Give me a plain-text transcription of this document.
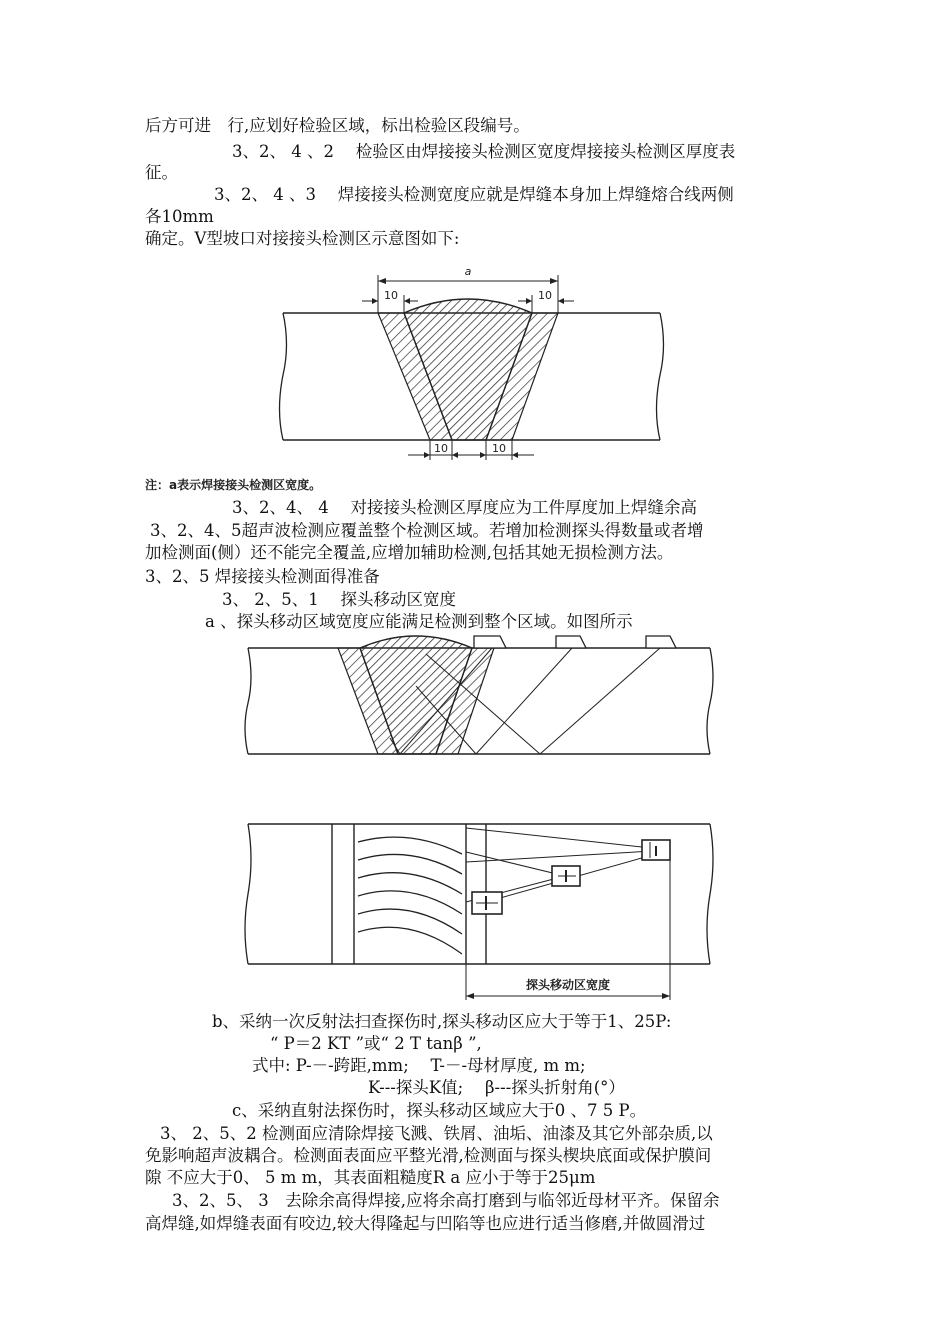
后方可进　行,应划好检验区域，标出检验区段编号。
3、2、 4 、2　 检验区由焊接接头检测区宽度焊接接头检测区厚度表
征。
3、2、 4 、3　 焊接接头检测宽度应就是焊缝本身加上焊缝熔合线两侧
各10mm
确定。V型坡口对接接头检测区示意图如下:
a
10	10
10	10
注：a表示焊接接头检测区宽度。
3、2、4、 4　 对接接头检测区厚度应为工件厚度加上焊缝余高
3、2、4、5超声波检测应覆盖整个检测区域。若增加检测探头得数量或者增
加检测面(侧）还不能完全覆盖,应增加辅助检测,包括其她无损检测方法。
3、2、5 焊接接头检测面得准备
3、 2、5、1　 探头移动区宽度
a 、探头移动区域宽度应能满足检测到整个区域。如图所示
探头移动区宽度
b、采纳一次反射法扫查探伤时,探头移动区应大于等于1、25P:
“ P＝2 KT ”或“ 2 T tanβ ”,
式中: P-－-跨距,mm;　 T-－-母材厚度, m m;
K---探头K值;　 β---探头折射角(°）
c、采纳直射法探伤时，探头移动区域应大于0 、7 5 P。
3、 2、5、2 检测面应清除焊接飞溅、铁屑、油垢、油漆及其它外部杂质,以
免影响超声波耦合。检测面表面应平整光滑,检测面与探头楔块底面或保护膜间
隙 不应大于0、 5 m m，其表面粗糙度R a 应小于等于25μm
3、2、5、 3　去除余高得焊接,应将余高打磨到与临邻近母材平齐。保留余
高焊缝,如焊缝表面有咬边,较大得隆起与凹陷等也应进行适当修磨,并做圆滑过
